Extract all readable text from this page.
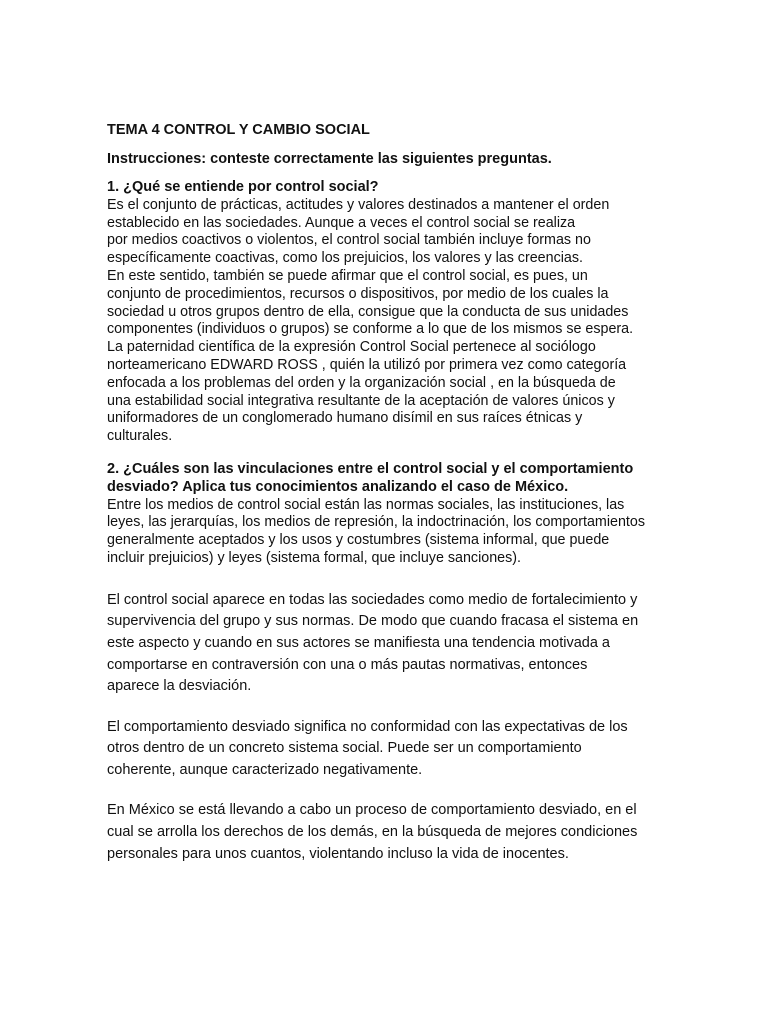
TEMA 4 CONTROL Y CAMBIO SOCIAL
Instrucciones: conteste correctamente las siguientes preguntas.
1. ¿Qué se entiende por control social?
Es el conjunto de prácticas, actitudes y valores destinados a mantener el orden
establecido en las sociedades. Aunque a veces el control social se realiza
por medios coactivos o violentos, el control social también incluye formas no
específicamente coactivas, como los prejuicios, los valores y las creencias.
En este sentido, también se puede afirmar que el control social, es pues, un
conjunto de procedimientos, recursos o dispositivos, por medio de los cuales la
sociedad u otros grupos dentro de ella, consigue que la conducta de sus unidades
componentes (individuos o grupos) se conforme a lo que de los mismos se espera.
La paternidad científica de la expresión Control Social pertenece al sociólogo
norteamericano EDWARD ROSS , quién la utilizó por primera vez como categoría
enfocada a los problemas del orden y la organización social , en la búsqueda de
una estabilidad social integrativa resultante de la aceptación de valores únicos y
uniformadores de un conglomerado humano disímil en sus raíces étnicas y
culturales.
2. ¿Cuáles son las vinculaciones entre el control social y el comportamiento
desviado? Aplica tus conocimientos analizando el caso de México.
Entre los medios de control social están las normas sociales, las instituciones, las
leyes, las jerarquías, los medios de represión, la indoctrinación, los comportamientos
generalmente aceptados y los usos y costumbres (sistema informal, que puede
incluir prejuicios) y leyes (sistema formal, que incluye sanciones).
El control social aparece en todas las sociedades como medio de fortalecimiento y
supervivencia del grupo y sus normas. De modo que cuando fracasa el sistema en
este aspecto y cuando en sus actores se manifiesta una tendencia motivada a
comportarse en contraversión con una o más pautas normativas, entonces
aparece la desviación.
El comportamiento desviado significa no conformidad con las expectativas de los
otros dentro de un concreto sistema social. Puede ser un comportamiento
coherente, aunque caracterizado negativamente.
En México se está llevando a cabo un proceso de comportamiento desviado, en el
cual se arrolla los derechos de los demás, en la búsqueda de mejores condiciones
personales para unos cuantos, violentando incluso la vida de inocentes.
